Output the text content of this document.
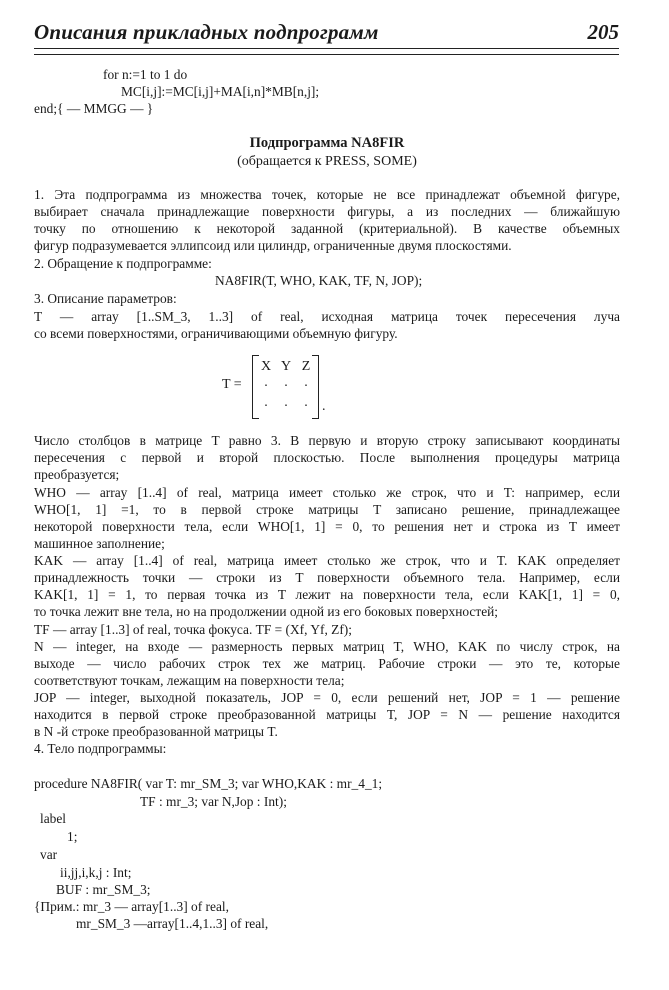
Описания прикладных подпрограмм	205
for n:=1 to 1 do
MC[i,j]:=MC[i,j]+MA[i,n]*MB[n,j];
end;{ — MMGG — }
Подпрограмма NA8FIR
(обращается к PRESS, SOME)
1. Эта подпрограмма из множества точек, которые не все принадлежат объемной фигуре,
выбирает сначала принадлежащие поверхности фигуры, а из последних — ближайшую
точку по отношению к некоторой заданной (критериальной). В качестве объемных
фигур подразумевается эллипсоид или цилиндр, ограниченные двумя плоскостями.
2. Обращение к подпрограмме:
NA8FIR(T, WHO, KAK, TF, N, JOP);
3. Описание параметров:
T — array [1..SM_3, 1..3] of real, исходная матрица точек пересечения луча
со всеми поверхностями, ограничивающими объемную фигуру.
T =
X Y Z
.	.	.
.	.	.	.
Число столбцов в матрице T равно 3. В первую и вторую строку записывают координаты
пересечения с первой и второй плоскостью. После выполнения процедуры матрица
преобразуется;
WHO — array [1..4] of real, матрица имеет столько же строк, что и T: например, если
WHO[1, 1] =1, то в первой строке матрицы T записано решение, принадлежащее
некоторой поверхности тела, если WHO[1, 1] = 0, то решения нет и строка из T имеет
машинное заполнение;
KAK — array [1..4] of real, матрица имеет столько же строк, что и T. KAK определяет
принадлежность точки — строки из T поверхности объемного тела. Например, если
KAK[1, 1] = 1, то первая точка из T лежит на поверхности тела, если KAK[1, 1] = 0,
то точка лежит вне тела, но на продолжении одной из его боковых поверхностей;
TF — array [1..3] of real, точка фокуса. TF = (Xf, Yf, Zf);
N — integer, на входе — размерность первых матриц T, WHO, KAK по числу строк, на
выходе — число рабочих строк тех же матриц. Рабочие строки — это те, которые
соответствуют точкам, лежащим на поверхности тела;
JOP — integer, выходной показатель, JOP = 0, если решений нет, JOP = 1 — решение
находится в первой строке преобразованной матрицы T, JOP = N — решение находится
в N -й строке преобразованной матрицы T.
4. Тело подпрограммы:
procedure NA8FIR( var T: mr_SM_3; var WHO,KAK : mr_4_1;
TF : mr_3; var N,Jop : Int);
label
1;
var
ii,jj,i,k,j : Int;
BUF : mr_SM_3;
{Прим.: mr_3 — array[1..3] of real,
mr_SM_3 —array[1..4,1..3] of real,
